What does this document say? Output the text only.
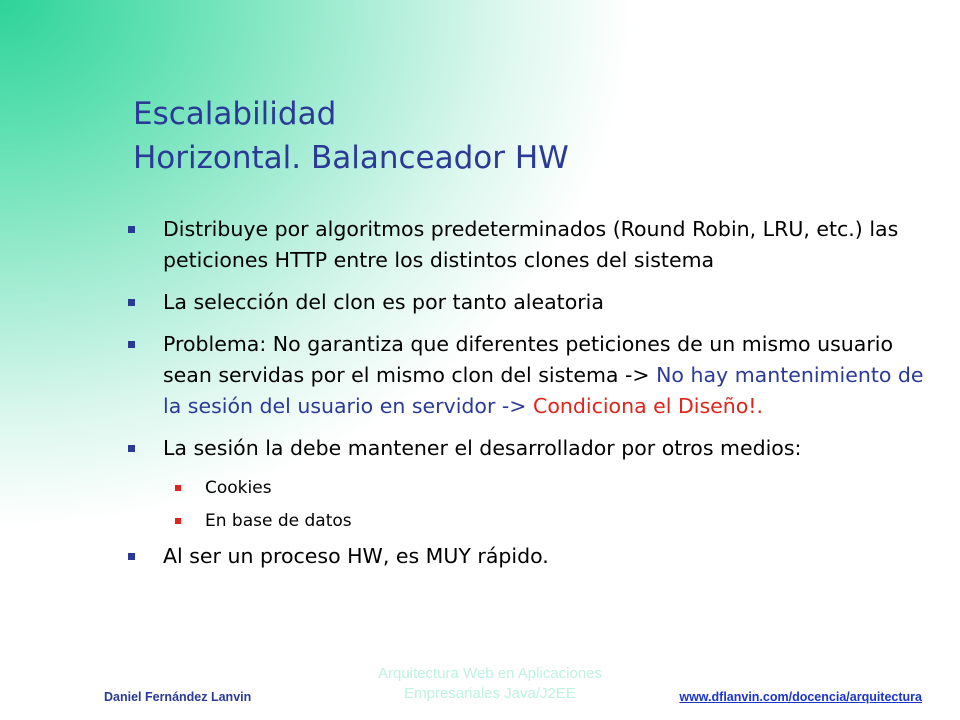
Escalabilidad
Horizontal. Balanceador HW
Distribuye por algoritmos predeterminados (Round Robin, LRU, etc.) las peticiones HTTP entre los distintos clones del sistema
La selección del clon es por tanto aleatoria
Problema: No garantiza que diferentes peticiones de un mismo usuario sean servidas por el mismo clon del sistema -> No hay mantenimiento de la sesión del usuario en servidor -> Condiciona el Diseño!.
La sesión la debe mantener el desarrollador por otros medios:
Cookies
En base de datos
Al ser un proceso HW, es MUY rápido.
Daniel Fernández Lanvin
Arquitectura Web en Aplicaciones Empresariales Java/J2EE	www.dflanvin.com/docencia/arquitectura
